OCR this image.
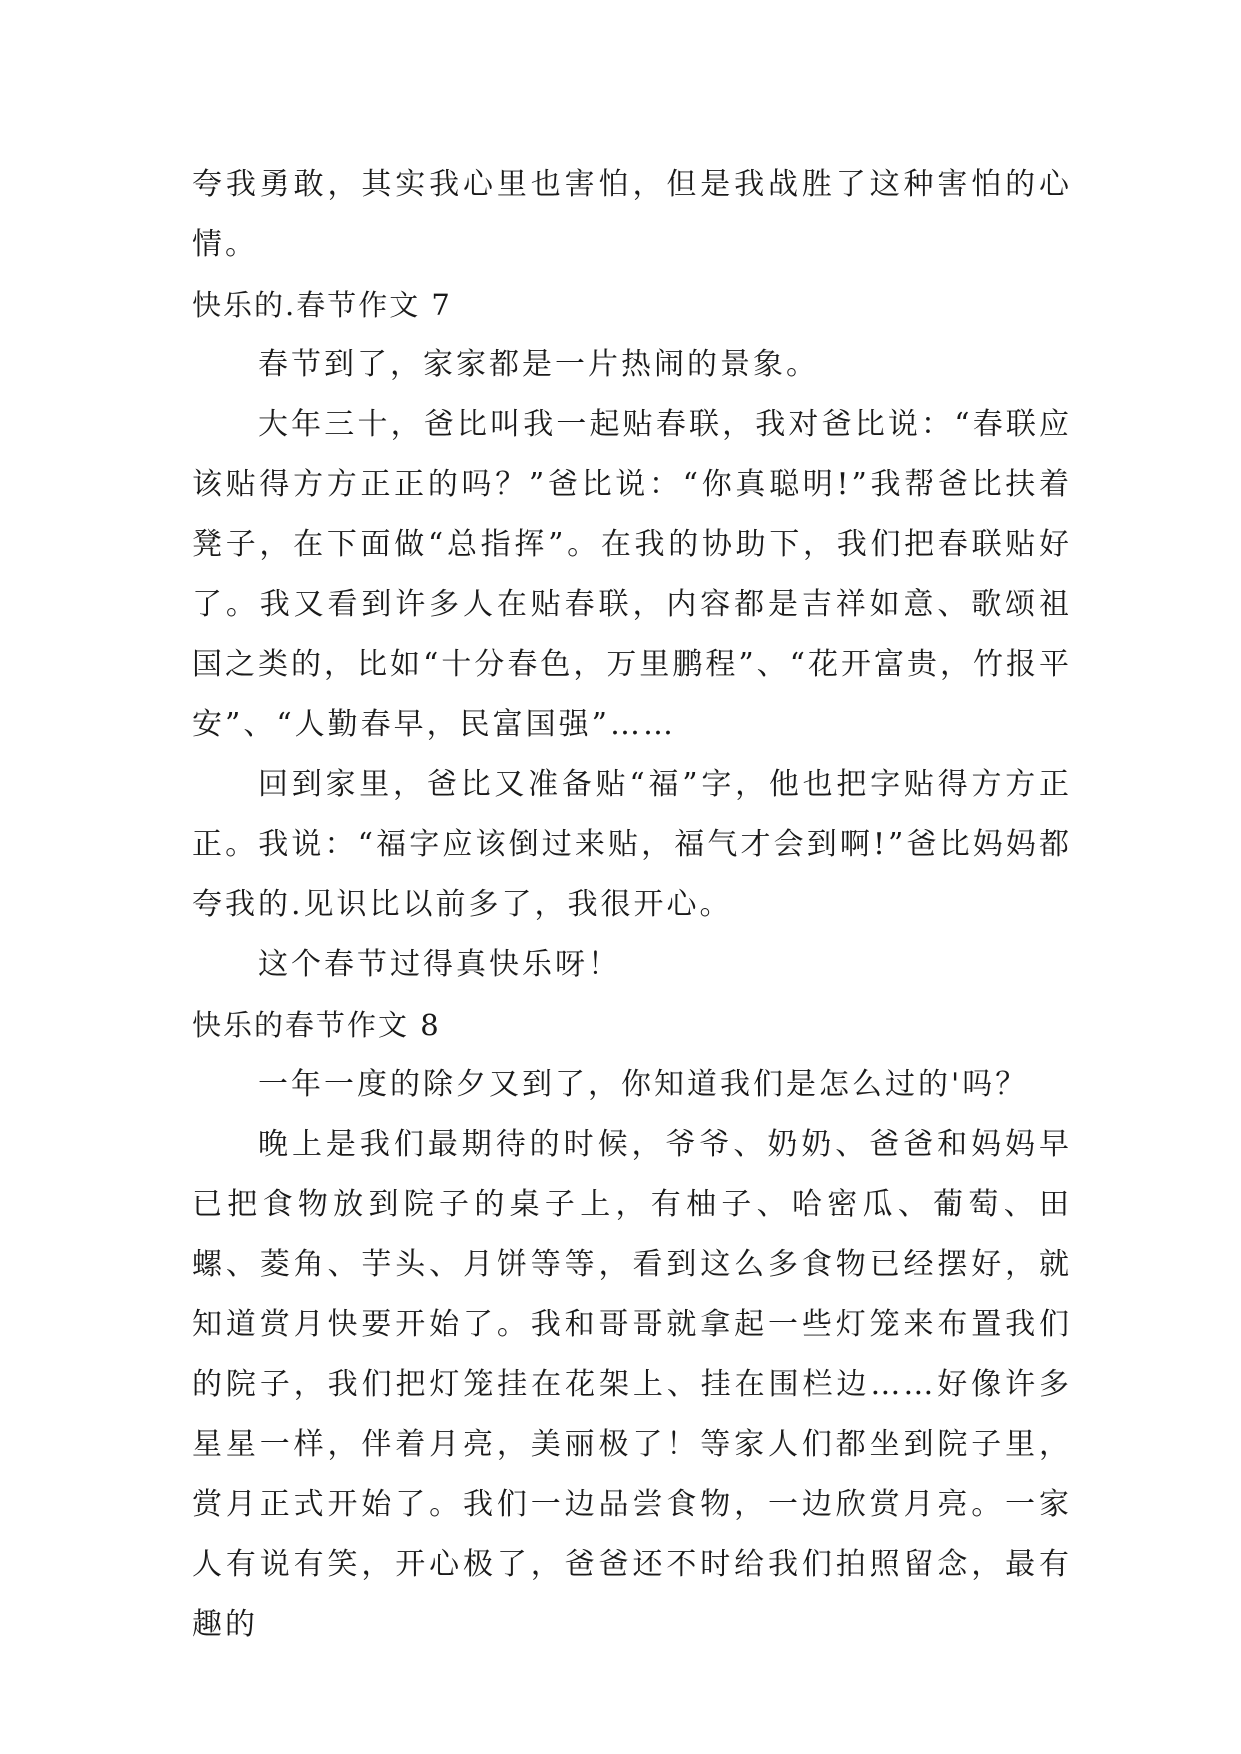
夸我勇敢，其实我心里也害怕，但是我战胜了这种害怕的心情。

快乐的.春节作文 7

春节到了，家家都是一片热闹的景象。

大年三十，爸比叫我一起贴春联，我对爸比说：“春联应该贴得方方正正的吗？”爸比说：“你真聪明!”我帮爸比扶着凳子，在下面做“总指挥”。在我的协助下，我们把春联贴好了。我又看到许多人在贴春联，内容都是吉祥如意、歌颂祖国之类的，比如“十分春色，万里鹏程”、“花开富贵，竹报平安”、“人勤春早，民富国强”……

回到家里，爸比又准备贴“福”字，他也把字贴得方方正正。我说：“福字应该倒过来贴，福气才会到啊!”爸比妈妈都夸我的.见识比以前多了，我很开心。

这个春节过得真快乐呀！

快乐的春节作文 8

一年一度的除夕又到了，你知道我们是怎么过的'吗？

晚上是我们最期待的时候，爷爷、奶奶、爸爸和妈妈早已把食物放到院子的桌子上，有柚子、哈密瓜、葡萄、田螺、菱角、芋头、月饼等等，看到这么多食物已经摆好，就知道赏月快要开始了。我和哥哥就拿起一些灯笼来布置我们的院子，我们把灯笼挂在花架上、挂在围栏边……好像许多星星一样，伴着月亮，美丽极了！等家人们都坐到院子里，赏月正式开始了。我们一边品尝食物，一边欣赏月亮。一家人有说有笑，开心极了，爸爸还不时给我们拍照留念，最有趣的
